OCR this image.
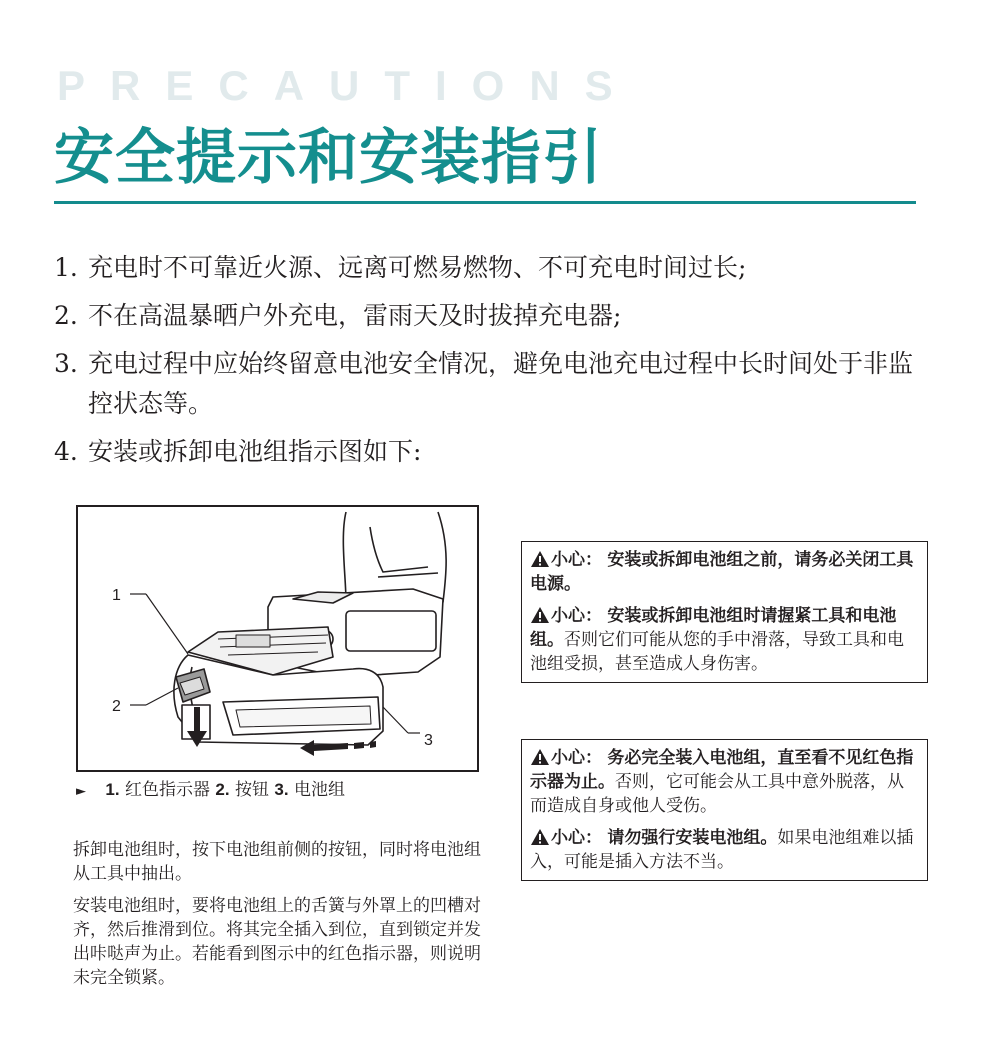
PRECAUTIONS
安全提示和安装指引
1. 充电时不可靠近火源、远离可燃易燃物、不可充电时间过长;
2. 不在高温暴晒户外充电，雷雨天及时拔掉充电器;
3. 充电过程中应始终留意电池安全情况，避免电池充电过程中长时间处于非监控状态等。
4. 安装或拆卸电池组指示图如下:
1
2
3
► 1. 红色指示器 2. 按钮 3. 电池组

拆卸电池组时，按下电池组前侧的按钮，同时将电池组从工具中抽出。

安装电池组时，要将电池组上的舌簧与外罩上的凹槽对齐，然后推滑到位。将其完全插入到位，直到锁定并发出咔哒声为止。若能看到图示中的红色指示器，则说明未完全锁紧。

小心： 安装或拆卸电池组之前，请务必关闭工具电源。
小心： 安装或拆卸电池组时请握紧工具和电池组。否则它们可能从您的手中滑落，导致工具和电池组受损，甚至造成人身伤害。
小心： 务必完全装入电池组，直至看不见红色指示器为止。否则，它可能会从工具中意外脱落，从而造成自身或他人受伤。
小心： 请勿强行安装电池组。如果电池组难以插入，可能是插入方法不当。
